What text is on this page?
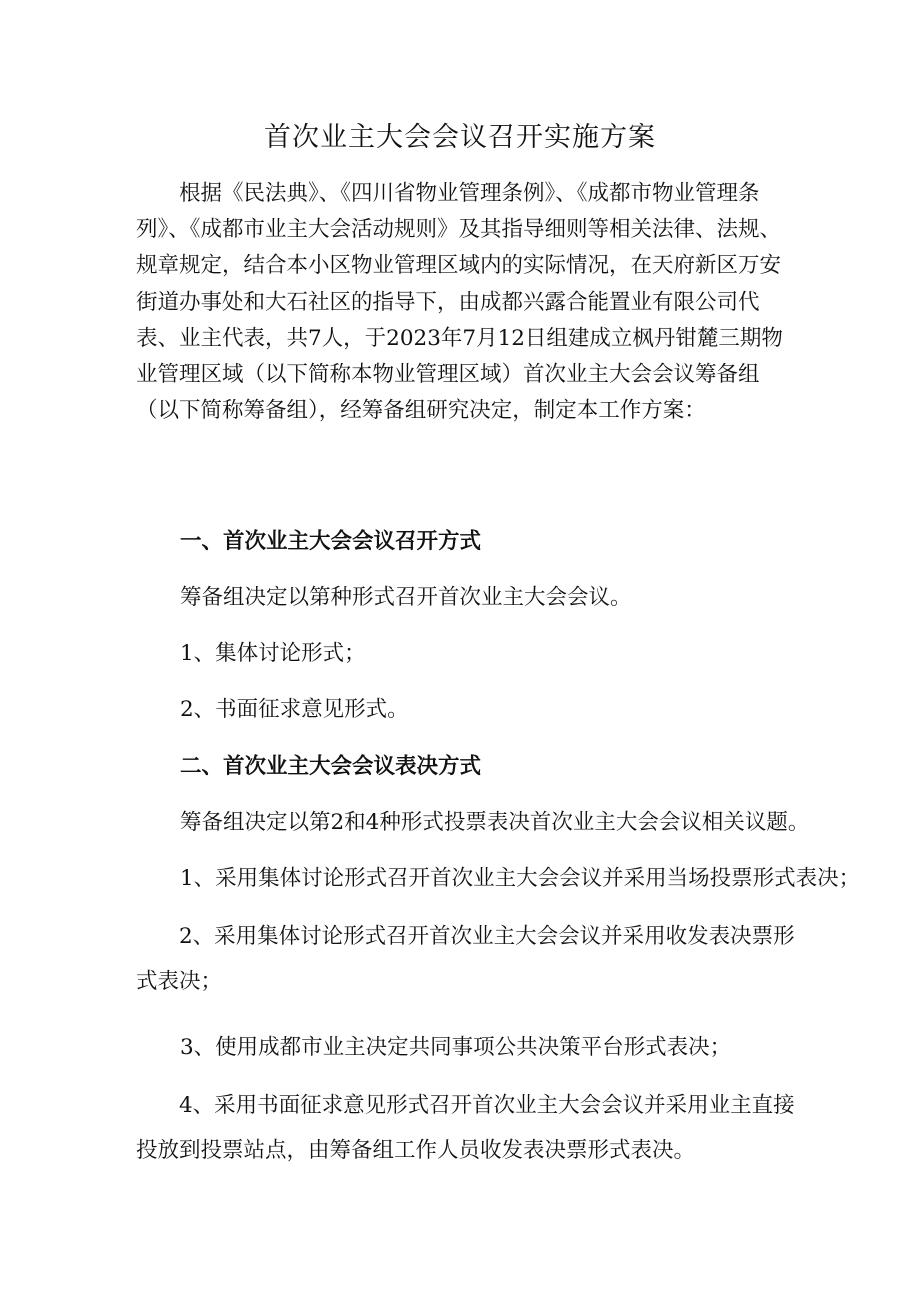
首次业主大会会议召开实施方案

根据《民法典》、《四川省物业管理条例》、《成都市物业管理条列》、《成都市业主大会活动规则》及其指导细则等相关法律、法规、规章规定，结合本小区物业管理区域内的实际情况，在天府新区万安街道办事处和大石社区的指导下，由成都兴露合能置业有限公司代表、业主代表，共7人，于2023年7月12日组建成立枫丹钳麓三期物业管理区域（以下简称本物业管理区域）首次业主大会会议筹备组（以下简称筹备组），经筹备组研究决定，制定本工作方案：

一、首次业主大会会议召开方式

筹备组决定以第种形式召开首次业主大会会议。

1、集体讨论形式；

2、书面征求意见形式。

二、首次业主大会会议表决方式

筹备组决定以第2和4种形式投票表决首次业主大会会议相关议题。

1、采用集体讨论形式召开首次业主大会会议并采用当场投票形式表决；

2、采用集体讨论形式召开首次业主大会会议并采用收发表决票形式表决；

3、使用成都市业主决定共同事项公共决策平台形式表决；

4、采用书面征求意见形式召开首次业主大会会议并采用业主直接投放到投票站点，由筹备组工作人员收发表决票形式表决。
